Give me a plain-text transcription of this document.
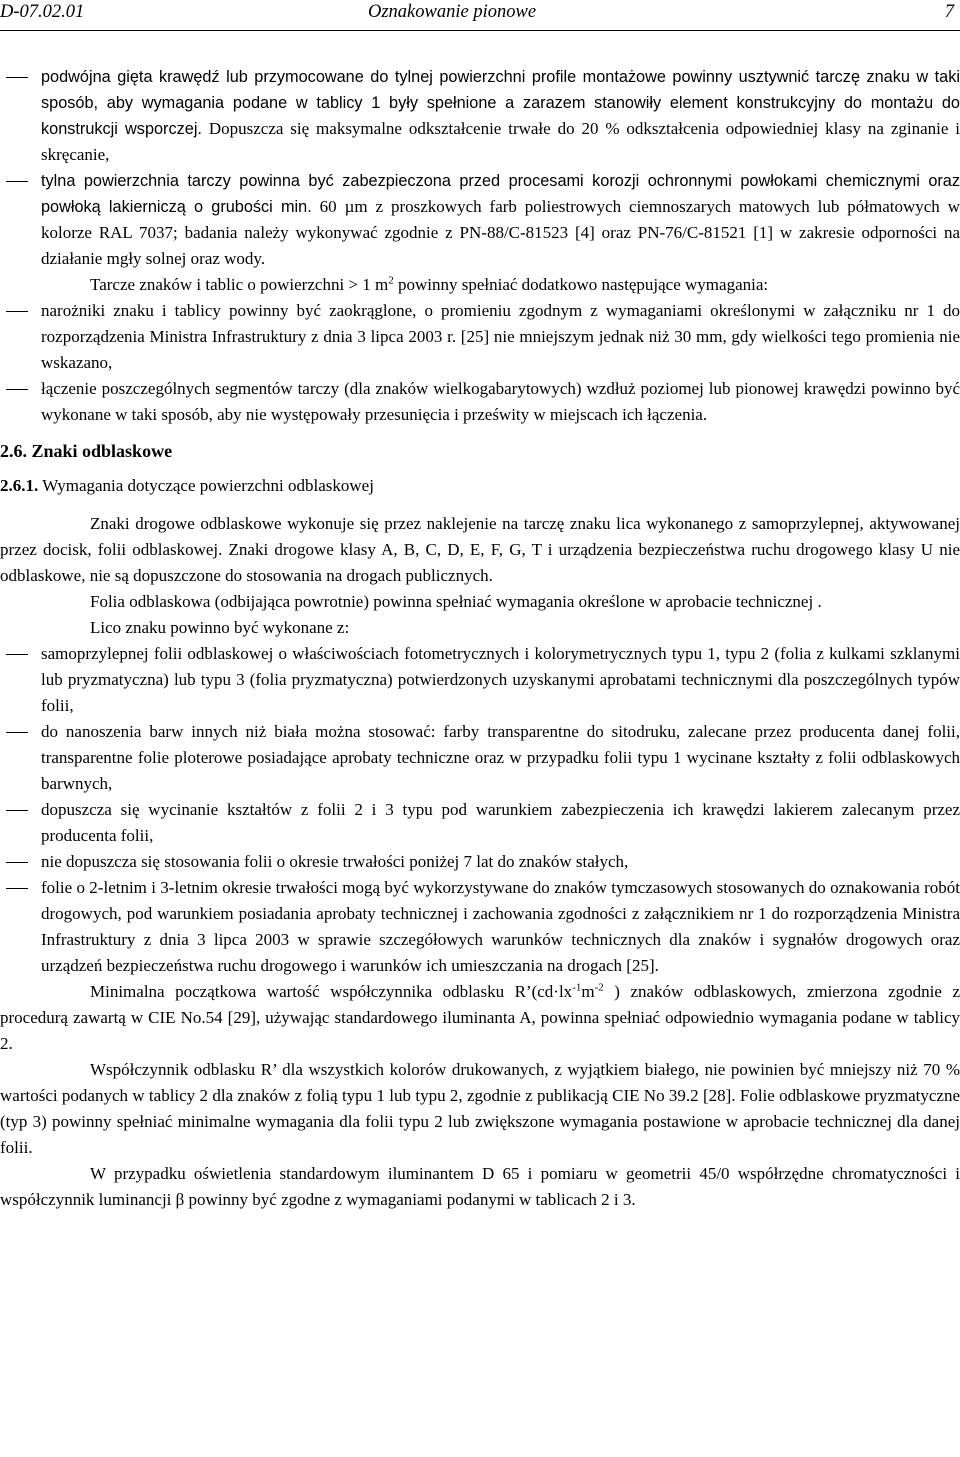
D-07.02.01	Oznakowanie pionowe	7
podwójna gięta krawędź lub przymocowane do tylnej powierzchni profile montażowe powinny usztywnić tarczę znaku w taki sposób, aby wymagania podane w tablicy 1 były spełnione a zarazem stanowiły element konstrukcyjny do montażu do konstrukcji wsporczej. Dopuszcza się maksymalne odkształcenie trwałe do 20 % odkształcenia odpowiedniej klasy na zginanie i skręcanie,
tylna powierzchnia tarczy powinna być zabezpieczona przed procesami korozji ochronnymi powłokami chemicznymi oraz powłoką lakierniczą o grubości min. 60 µm z proszkowych farb poliestrowych ciemnoszarych matowych lub półmatowych w kolorze RAL 7037; badania należy wykonywać zgodnie z PN-88/C-81523 [4] oraz PN-76/C-81521 [1] w zakresie odporności na działanie mgły solnej oraz wody.
Tarcze znaków i tablic o powierzchni > 1 $m^2$ powinny spełniać dodatkowo następujące wymagania:
narożniki znaku i tablicy powinny być zaokrąglone, o promieniu zgodnym z wymaganiami określonymi w załączniku nr 1 do rozporządzenia Ministra Infrastruktury z dnia 3 lipca 2003 r. [25] nie mniejszym jednak niż 30 mm, gdy wielkości tego promienia nie wskazano,
łączenie poszczególnych segmentów tarczy (dla znaków wielkogabarytowych) wzdłuż poziomej lub pionowej krawędzi powinno być wykonane w taki sposób, aby nie występowały przesunięcia i prześwity w miejscach ich łączenia.
2.6. Znaki odblaskowe
2.6.1. Wymagania dotyczące powierzchni odblaskowej
Znaki drogowe odblaskowe wykonuje się przez naklejenie na tarczę znaku lica wykonanego z samoprzylepnej, aktywowanej przez docisk, folii odblaskowej. Znaki drogowe klasy A, B, C, D, E, F, G, T i urządzenia bezpieczeństwa ruchu drogowego klasy U nie odblaskowe, nie są dopuszczone do stosowania na drogach publicznych.
Folia odblaskowa (odbijająca powrotnie) powinna spełniać wymagania określone w aprobacie technicznej .
Lico znaku powinno być wykonane z:
samoprzylepnej folii odblaskowej o właściwościach fotometrycznych i kolorymetrycznych typu 1, typu 2 (folia z kulkami szklanymi lub pryzmatyczna) lub typu 3 (folia pryzmatyczna) potwierdzonych uzyskanymi aprobatami technicznymi dla poszczególnych typów folii,
do nanoszenia barw innych niż biała można stosować: farby transparentne do sitodruku, zalecane przez producenta danej folii, transparentne folie ploterowe posiadające aprobaty techniczne oraz w przypadku folii typu 1 wycinane kształty z folii odblaskowych barwnych,
dopuszcza się wycinanie kształtów z folii 2 i 3 typu pod warunkiem zabezpieczenia ich krawędzi lakierem zalecanym przez producenta folii,
nie dopuszcza się stosowania folii o okresie trwałości poniżej 7 lat do znaków stałych,
folie o 2-letnim i 3-letnim okresie trwałości mogą być wykorzystywane do znaków tymczasowych stosowanych do oznakowania robót drogowych, pod warunkiem posiadania aprobaty technicznej i zachowania zgodności z załącznikiem nr 1 do rozporządzenia Ministra Infrastruktury z dnia 3 lipca 2003 w sprawie szczegółowych warunków technicznych dla znaków i sygnałów drogowych oraz urządzeń bezpieczeństwa ruchu drogowego i warunków ich umieszczania na drogach [25].
Minimalna początkowa wartość współczynnika odblasku $R’(cd\cdot lx^{-1}m^{-2}$ ) znaków odblaskowych, zmierzona zgodnie z procedurą zawartą w CIE No.54 [29], używając standardowego iluminanta A, powinna spełniać odpowiednio wymagania podane w tablicy 2.
Współczynnik odblasku R’ dla wszystkich kolorów drukowanych, z wyjątkiem białego, nie powinien być mniejszy niż 70 % wartości podanych w tablicy 2 dla znaków z folią typu 1 lub typu 2, zgodnie z publikacją CIE No 39.2 [28]. Folie odblaskowe pryzmatyczne (typ 3) powinny spełniać minimalne wymagania dla folii typu 2 lub zwiększone wymagania postawione w aprobacie technicznej dla danej folii.
W przypadku oświetlenia standardowym iluminantem D 65 i pomiaru w geometrii 45/0 współrzędne chromatyczności i współczynnik luminancji β powinny być zgodne z wymaganiami podanymi w tablicach 2 i 3.
